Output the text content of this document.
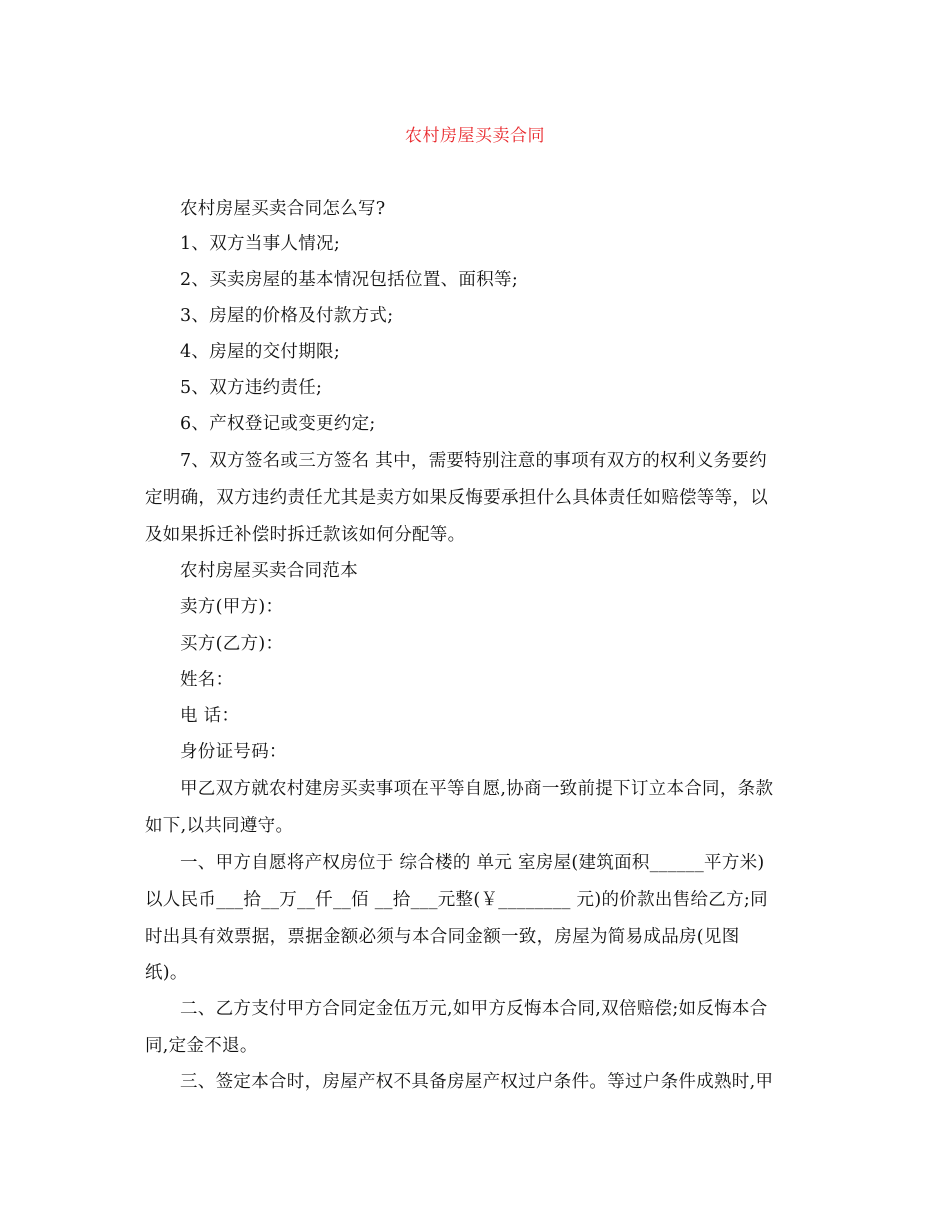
农村房屋买卖合同
农村房屋买卖合同怎么写?
1、双方当事人情况;
2、买卖房屋的基本情况包括位置、面积等;
3、房屋的价格及付款方式;
4、房屋的交付期限;
5、双方违约责任;
6、产权登记或变更约定;
7、双方签名或三方签名 其中，需要特别注意的事项有双方的权利义务要约
定明确，双方违约责任尤其是卖方如果反悔要承担什么具体责任如赔偿等等，以
及如果拆迁补偿时拆迁款该如何分配等。
农村房屋买卖合同范本
卖方(甲方)：
买方(乙方)：
姓名：
电 话：
身份证号码：
甲乙双方就农村建房买卖事项在平等自愿,协商一致前提下订立本合同，条款
如下,以共同遵守。
一、甲方自愿将产权房位于 综合楼的 单元 室房屋(建筑面积______平方米)
以人民币___拾__万__仟__佰 __拾___元整(￥________ 元)的价款出售给乙方;同
时出具有效票据，票据金额必须与本合同金额一致，房屋为简易成品房(见图
纸)。
二、乙方支付甲方合同定金伍万元,如甲方反悔本合同,双倍赔偿;如反悔本合
同,定金不退。
三、签定本合时，房屋产权不具备房屋产权过户条件。等过户条件成熟时,甲
